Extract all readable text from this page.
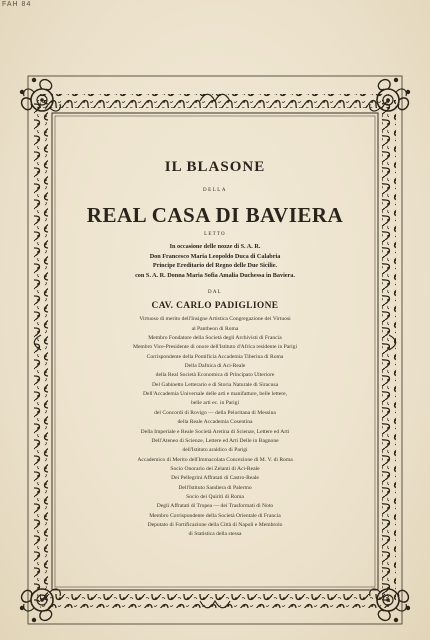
FAH 84
IL BLASONE
DELLA
REAL CASA DI BAVIERA
LETTO
In occasione delle nozze di S. A. R.
Don Francesco Maria Leopoldo Duca di Calabria
Principe Ereditario del Regno delle Due Sicilie.
con S. A. R. Donna Maria Sofia Amalia Duchessa in Baviera.
DAL
CAV. CARLO PADIGLIONE
Virtuoso di merito dell'Insigne Artistica Congregazione dei Virtuosi
al Pantheon di Roma
Membro Fondatore della Società degli Archivisti di Francia
Membro Vice-Presidente di onore dell'Istituto d'Africa residente in Parigi
Corrispondente della Pontificia Accademia Tiberina di Roma
Della Dafnica di Aci-Reale
della Real Società Economica di Principato Ulteriore
Del Gabinetto Letterario e di Storia Naturale di Siracusa
Dell'Accademia Universale delle arti e manifatture, belle lettere,
belle arti ec. in Parigi
del Concordi di Rovigo — della Peloritana di Messina
della Reale Accademia Cosentina
Della Imperiale e Reale Società Aretina di Scienze, Lettere ed Arti
Dell'Ateneo di Scienze, Lettere ed Arti Delle in Bagnone
dell'Istituto araldico di Parigi
Accademico di Merito dell'Immacolata Concezione di M. V. di Roma
Socio Onorario dei Zelanti di Aci-Reale
Dei Pellegrini Affratati di Castro-Reale
Dell'Istituto Sandiera di Palermo
Socio dei Quiriti di Roma
Degli Affratati di Tropea — dei Trasformati di Noto
Membro Corrispondente della Società Orientale di Francia
Deputato di Fortificazione della Città di Napoli e Membrolo
di Statistica della stessa
